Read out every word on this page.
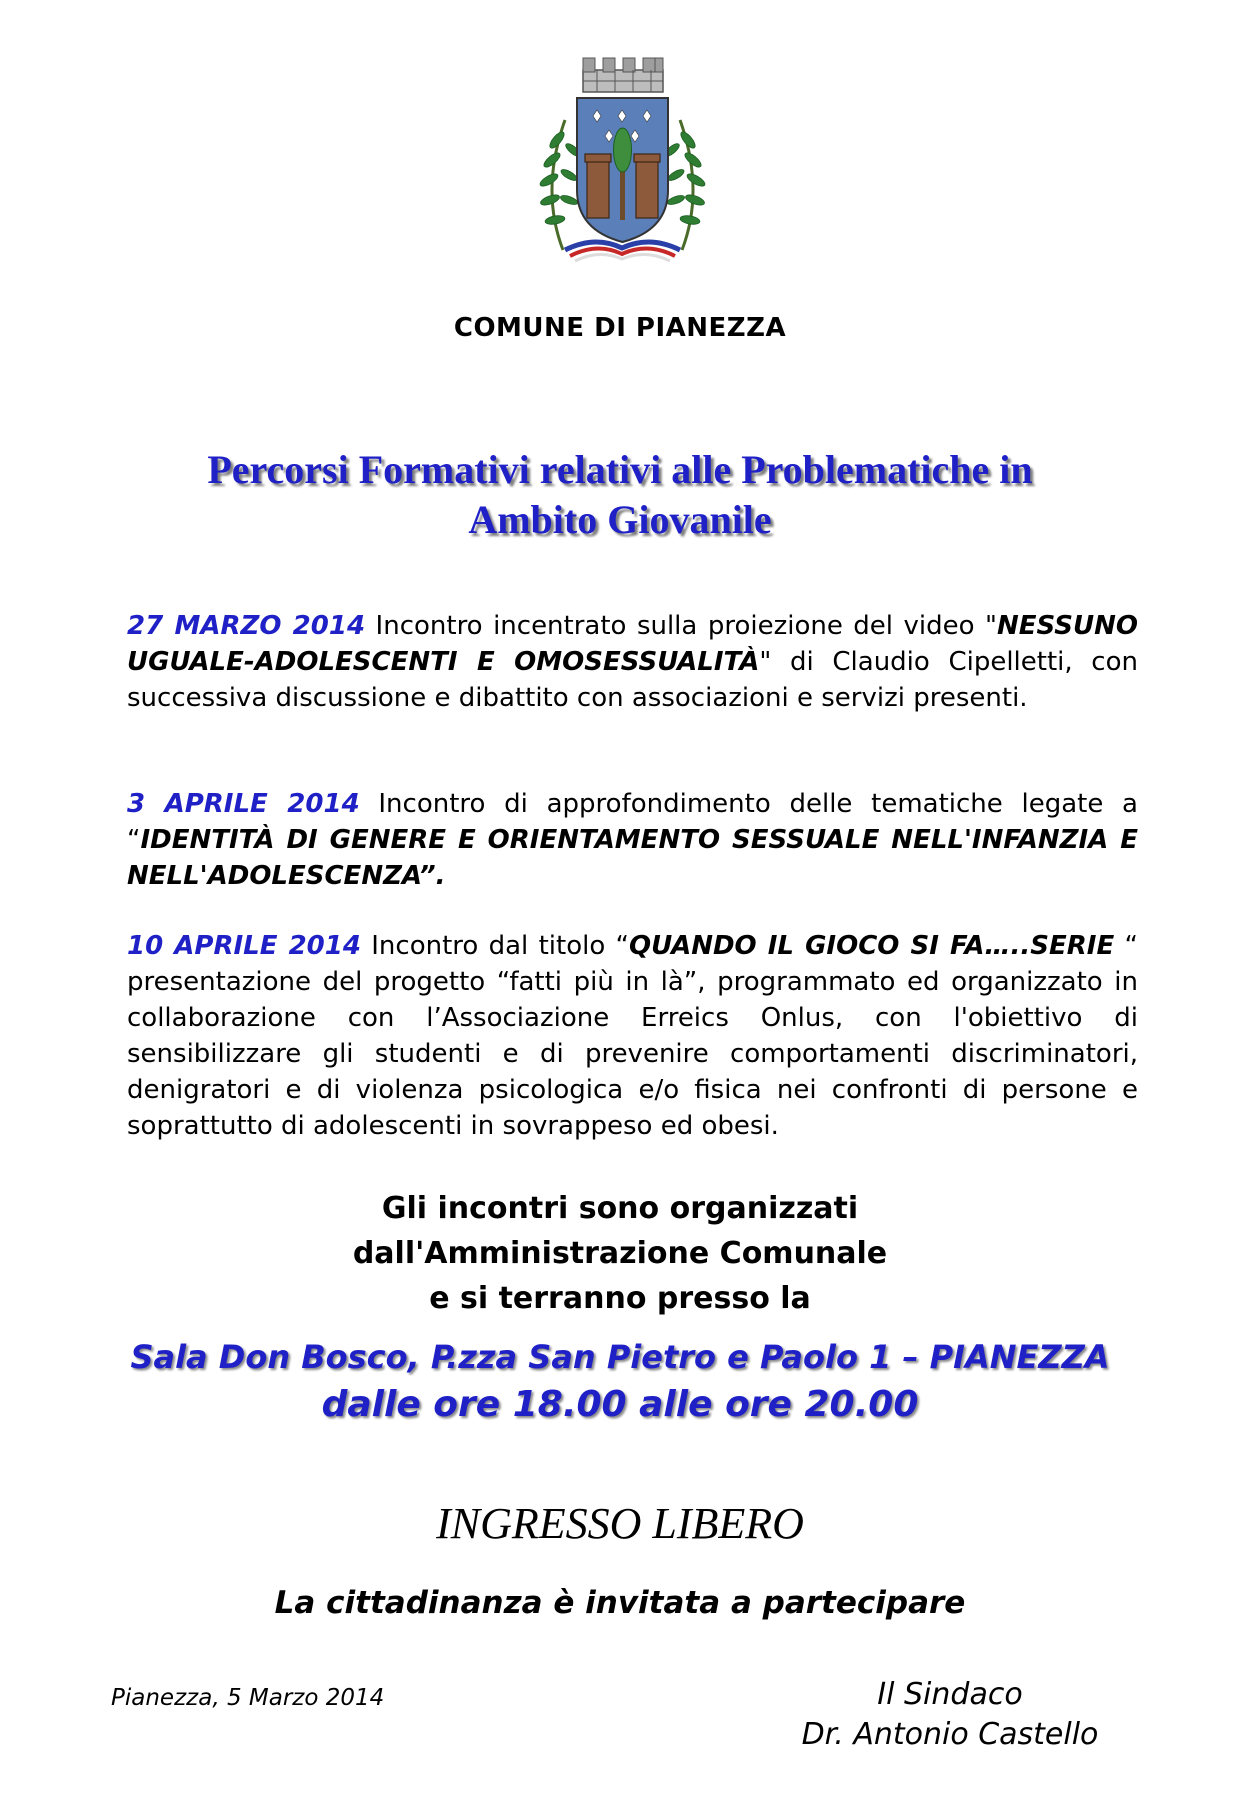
COMUNE DI PIANEZZA
Percorsi Formativi relativi alle Problematiche in
Ambito Giovanile

27 MARZO 2014 Incontro incentrato sulla proiezione del video "NESSUNO UGUALE-ADOLESCENTI E OMOSESSUALITÀ" di Claudio Cipelletti, con successiva discussione e dibattito con associazioni e servizi presenti.

3 APRILE 2014 Incontro di approfondimento delle tematiche legate a “IDENTITÀ DI GENERE E ORIENTAMENTO SESSUALE NELL'INFANZIA E NELL'ADOLESCENZA”.

10 APRILE 2014 Incontro dal titolo “QUANDO IL GIOCO SI FA…..SERIE “ presentazione del progetto “fatti più in là”, programmato ed organizzato in collaborazione con l’Associazione Erreics Onlus, con l'obiettivo di sensibilizzare gli studenti e di prevenire comportamenti discriminatori, denigratori e di violenza psicologica e/o fisica nei confronti di persone e soprattutto di adolescenti in sovrappeso ed obesi.

Gli incontri sono organizzati
dall'Amministrazione Comunale
e si terranno presso la
Sala Don Bosco, P.zza San Pietro e Paolo 1 – PIANEZZA
dalle ore 18.00 alle ore 20.00
INGRESSO LIBERO
La cittadinanza è invitata a partecipare
Pianezza, 5 Marzo 2014	Il Sindaco
Dr. Antonio Castello
